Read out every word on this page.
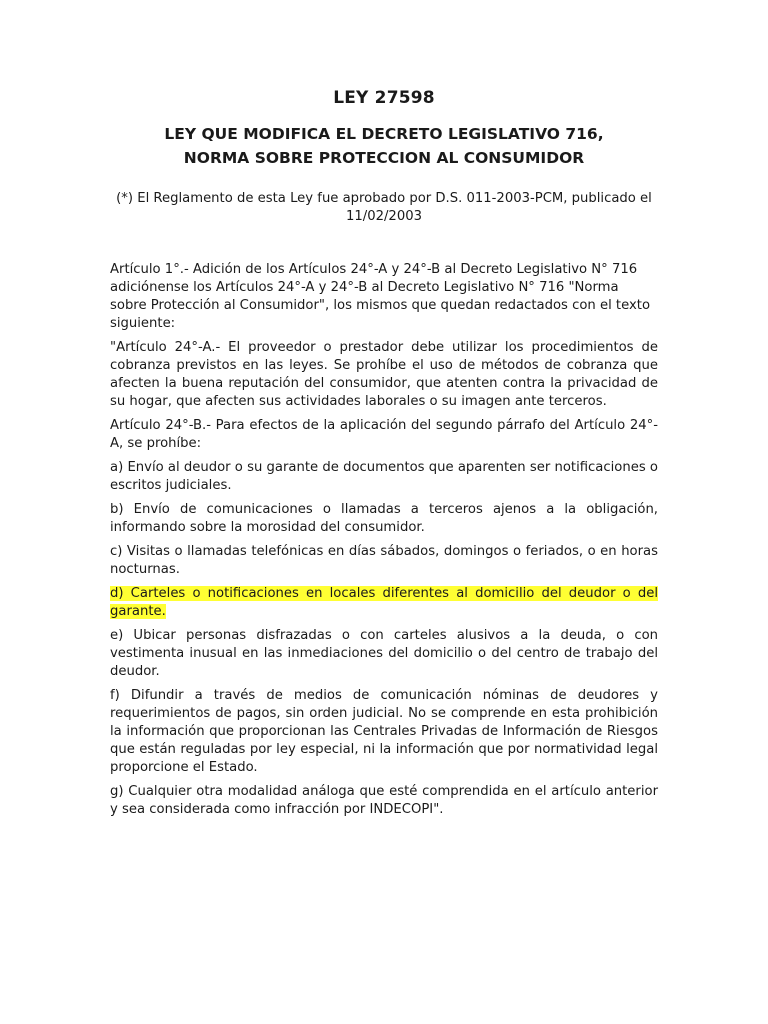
LEY 27598
LEY QUE MODIFICA EL DECRETO LEGISLATIVO 716,
NORMA SOBRE PROTECCION AL CONSUMIDOR

(*) El Reglamento de esta Ley fue aprobado por D.S. 011-2003-PCM, publicado el 11/02/2003

Artículo 1°.- Adición de los Artículos 24°-A y 24°-B al Decreto Legislativo N° 716 adiciónense los Artículos 24°-A y 24°-B al Decreto Legislativo N° 716 "Norma sobre Protección al Consumidor", los mismos que quedan redactados con el texto siguiente:

"Artículo 24°-A.- El proveedor o prestador debe utilizar los procedimientos de cobranza previstos en las leyes. Se prohíbe el uso de métodos de cobranza que afecten la buena reputación del consumidor, que atenten contra la privacidad de su hogar, que afecten sus actividades laborales o su imagen ante terceros.

Artículo 24°-B.- Para efectos de la aplicación del segundo párrafo del Artículo 24°-A, se prohíbe:

a) Envío al deudor o su garante de documentos que aparenten ser notificaciones o escritos judiciales.

b) Envío de comunicaciones o llamadas a terceros ajenos a la obligación, informando sobre la morosidad del consumidor.

c) Visitas o llamadas telefónicas en días sábados, domingos o feriados, o en horas nocturnas.

d) Carteles o notificaciones en locales diferentes al domicilio del deudor o del garante.

e) Ubicar personas disfrazadas o con carteles alusivos a la deuda, o con vestimenta inusual en las inmediaciones del domicilio o del centro de trabajo del deudor.

f) Difundir a través de medios de comunicación nóminas de deudores y requerimientos de pagos, sin orden judicial. No se comprende en esta prohibición la información que proporcionan las Centrales Privadas de Información de Riesgos que están reguladas por ley especial, ni la información que por normatividad legal proporcione el Estado.

g) Cualquier otra modalidad análoga que esté comprendida en el artículo anterior y sea considerada como infracción por INDECOPI".
